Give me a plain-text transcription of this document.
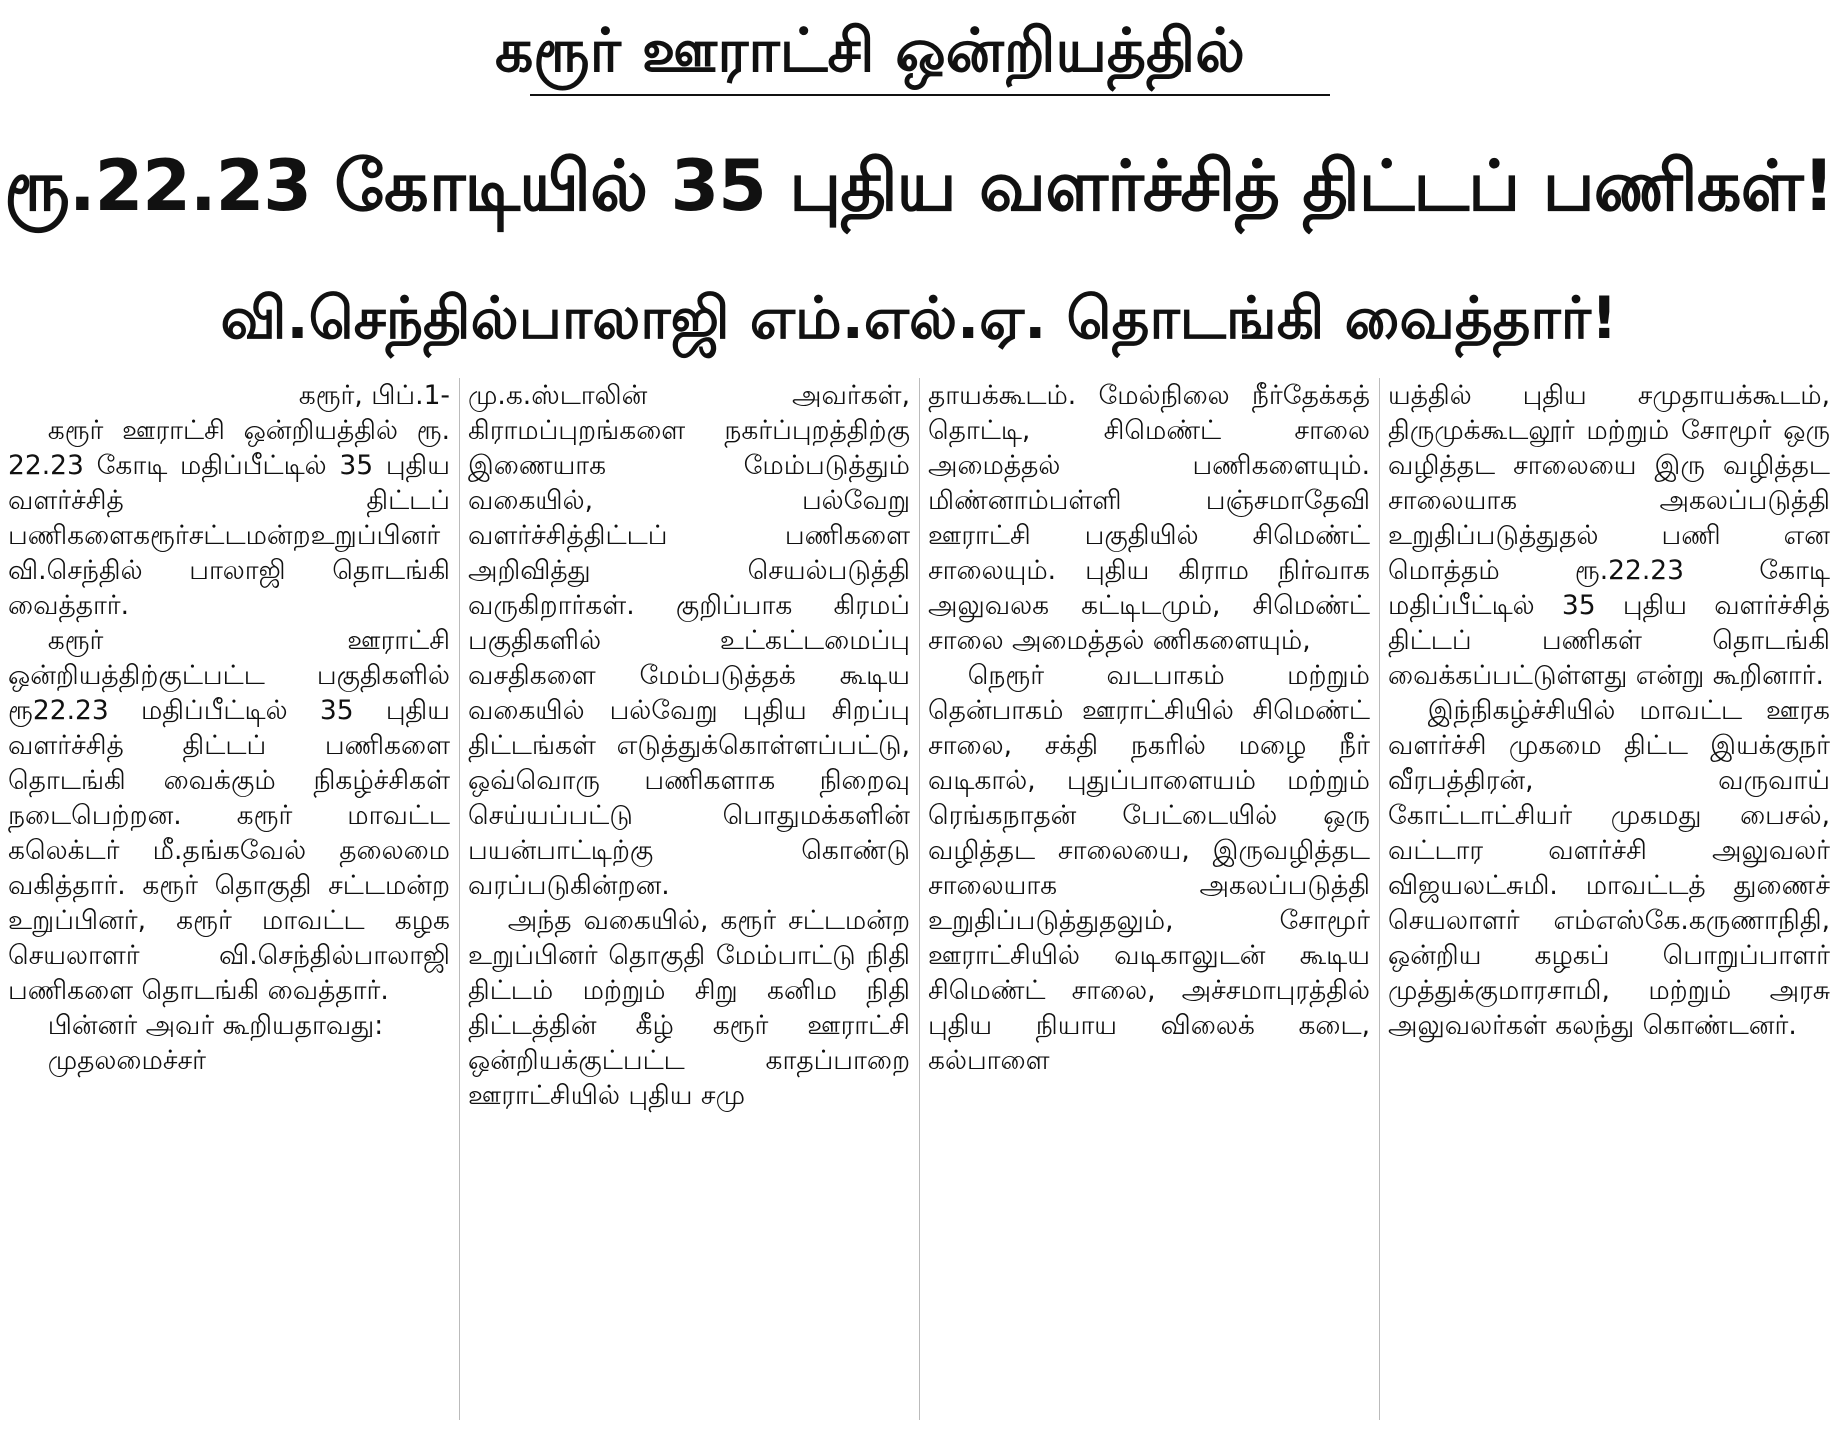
கரூர் ஊராட்சி ஒன்றியத்தில்
ரூ.22.23 கோடியில் 35 புதிய வளர்ச்சித் திட்டப் பணிகள்!
வி.செந்தில்பாலாஜி எம்.எல்.ஏ. தொடங்கி வைத்தார்!

கரூர், பிப்.1-

கரூர் ஊராட்சி ஒன்றியத்தில் ரூ. 22.23 கோடி மதிப்பீட்டில் 35 புதிய வளர்ச்சித் திட்டப் பணிகளைகரூர்சட்டமன்றஉறுப்பினர் வி.செந்தில் பாலாஜி தொடங்கி வைத்தார்.

கரூர் ஊராட்சி ஒன்றியத்திற்குட்பட்ட பகுதிகளில் ரூ22.23 மதிப்பீட்டில் 35 புதிய வளர்ச்சித் திட்டப் பணிகளை தொடங்கி வைக்கும் நிகழ்ச்சிகள் நடைபெற்றன. கரூர் மாவட்ட கலெக்டர் மீ.தங்கவேல் தலைமை வகித்தார். கரூர் தொகுதி சட்டமன்ற உறுப்பினர், கரூர் மாவட்ட கழக செயலாளர் வி.செந்தில்பாலாஜி பணிகளை தொடங்கி வைத்தார்.

பின்னர் அவர் கூறியதாவது:

முதலமைச்சர்

மு.க.ஸ்டாலின் அவர்கள், கிராமப்புறங்களை நகர்ப்புறத்திற்கு இணையாக மேம்படுத்தும் வகையில், பல்வேறு வளர்ச்சித்திட்டப் பணிகளை அறிவித்து செயல்படுத்தி வருகிறார்கள். குறிப்பாக கிரமப் பகுதிகளில் உட்கட்டமைப்பு வசதிகளை மேம்படுத்தக் கூடிய வகையில் பல்வேறு புதிய சிறப்பு திட்டங்கள் எடுத்துக்கொள்ளப்பட்டு, ஒவ்வொரு பணிகளாக நிறைவு செய்யப்பட்டு பொதுமக்களின் பயன்பாட்டிற்கு கொண்டு வரப்படுகின்றன.

அந்த வகையில், கரூர் சட்டமன்ற உறுப்பினர் தொகுதி மேம்பாட்டு நிதி திட்டம் மற்றும் சிறு கனிம நிதி திட்டத்தின் கீழ் கரூர் ஊராட்சி ஒன்றியக்குட்பட்ட காதப்பாறை ஊராட்சியில் புதிய சமு

தாயக்கூடம். மேல்நிலை நீர்தேக்கத் தொட்டி, சிமெண்ட் சாலை அமைத்தல் பணிகளையும். மிண்னாம்பள்ளி பஞ்சமாதேவி ஊராட்சி பகுதியில் சிமெண்ட் சாலையும். புதிய கிராம நிர்வாக அலுவலக கட்டிடமும், சிமெண்ட் சாலை அமைத்தல் ணிகளையும்,

நெரூர் வடபாகம் மற்றும் தென்பாகம் ஊராட்சியில் சிமெண்ட் சாலை, சக்தி நகரில் மழை நீர் வடிகால், புதுப்பாளையம் மற்றும் ரெங்கநாதன் பேட்டையில் ஒரு வழித்தட சாலையை, இருவழித்தட சாலையாக அகலப்படுத்தி உறுதிப்படுத்துதலும், சோமூர் ஊராட்சியில் வடிகாலுடன் கூடிய சிமெண்ட் சாலை, அச்சமாபுரத்தில் புதிய நியாய விலைக் கடை, கல்பாளை

யத்தில் புதிய சமுதாயக்கூடம், திருமுக்கூடலூர் மற்றும் சோமூர் ஒரு வழித்தட சாலையை இரு வழித்தட சாலையாக அகலப்படுத்தி உறுதிப்படுத்துதல் பணி என மொத்தம் ரூ.22.23 கோடி மதிப்பீட்டில் 35 புதிய வளர்ச்சித் திட்டப் பணிகள் தொடங்கி வைக்கப்பட்டுள்ளது என்று கூறினார்.

இந்நிகழ்ச்சியில் மாவட்ட ஊரக வளர்ச்சி முகமை திட்ட இயக்குநர் வீரபத்திரன், வருவாய் கோட்டாட்சியர் முகமது பைசல், வட்டார வளர்ச்சி அலுவலர் விஜயலட்சுமி. மாவட்டத் துணைச் செயலாளர் எம்எஸ்கே.கருணாநிதி, ஒன்றிய கழகப் பொறுப்பாளர் முத்துக்குமாரசாமி, மற்றும் அரசு அலுவலர்கள் கலந்து கொண்டனர்.
